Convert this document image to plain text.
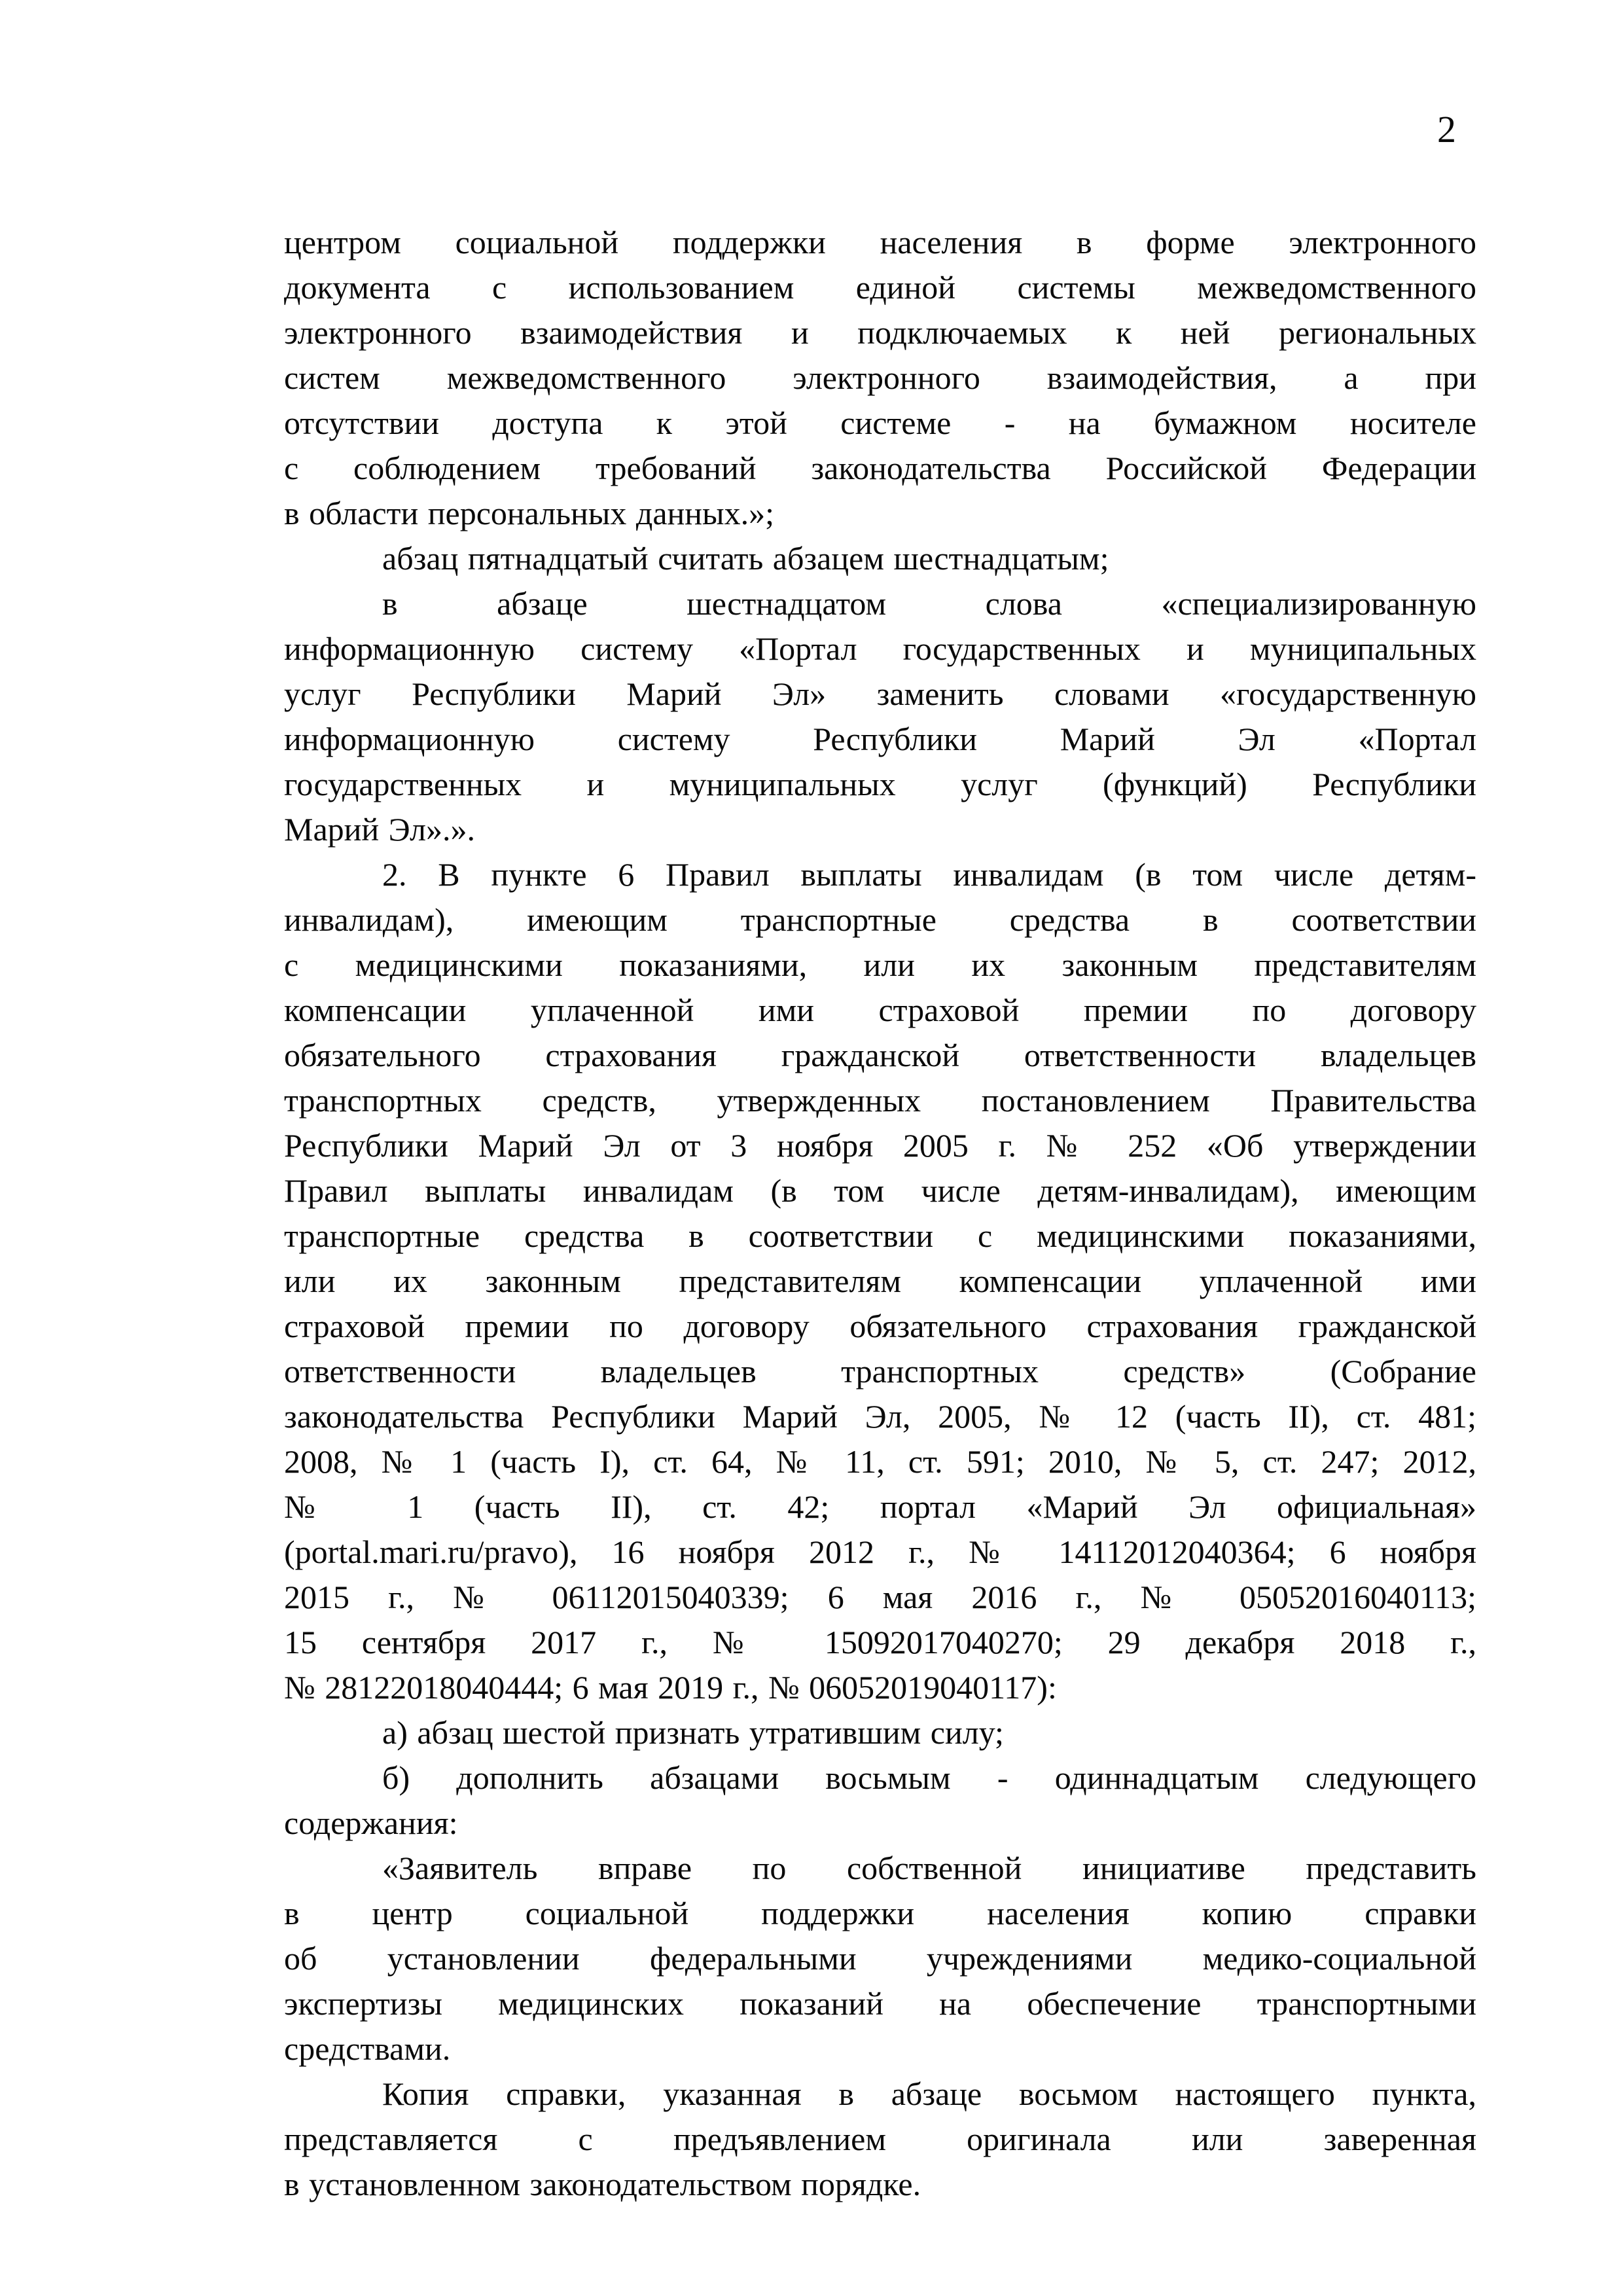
2
центром социальной поддержки населения в форме электронного
документа с использованием единой системы межведомственного
электронного взаимодействия и подключаемых к ней региональных
систем межведомственного электронного взаимодействия, а при
отсутствии доступа к этой системе - на бумажном носителе
с соблюдением требований законодательства Российской Федерации
в области персональных данных.»;
абзац пятнадцатый считать абзацем шестнадцатым;
в абзаце шестнадцатом слова «специализированную
информационную систему «Портал государственных и муниципальных
услуг Республики Марий Эл» заменить словами «государственную
информационную систему Республики Марий Эл «Портал
государственных и муниципальных услуг (функций) Республики
Марий Эл».».
2. В пункте 6 Правил выплаты инвалидам (в том числе детям-
инвалидам), имеющим транспортные средства в соответствии
с медицинскими показаниями, или их законным представителям
компенсации уплаченной ими страховой премии по договору
обязательного страхования гражданской ответственности владельцев
транспортных средств, утвержденных постановлением Правительства
Республики Марий Эл от 3 ноября 2005 г. № 252 «Об утверждении
Правил выплаты инвалидам (в том числе детям-инвалидам), имеющим
транспортные средства в соответствии с медицинскими показаниями,
или их законным представителям компенсации уплаченной ими
страховой премии по договору обязательного страхования гражданской
ответственности владельцев транспортных средств» (Собрание
законодательства Республики Марий Эл, 2005, № 12 (часть II), ст. 481;
2008, № 1 (часть I), ст. 64, № 11, ст. 591; 2010, № 5, ст. 247; 2012,
№ 1 (часть II), ст. 42; портал «Марий Эл официальная»
(portal.mari.ru/pravo), 16 ноября 2012 г., № 14112012040364; 6 ноября
2015 г., № 06112015040339; 6 мая 2016 г., № 05052016040113;
15 сентября 2017 г., № 15092017040270; 29 декабря 2018 г.,
№ 28122018040444; 6 мая 2019 г., № 06052019040117):
а) абзац шестой признать утратившим силу;
б) дополнить абзацами восьмым - одиннадцатым следующего
содержания:
«Заявитель вправе по собственной инициативе представить
в центр социальной поддержки населения копию справки
об установлении федеральными учреждениями медико-социальной
экспертизы медицинских показаний на обеспечение транспортными
средствами.
Копия справки, указанная в абзаце восьмом настоящего пункта,
представляется с предъявлением оригинала или заверенная
в установленном законодательством порядке.
